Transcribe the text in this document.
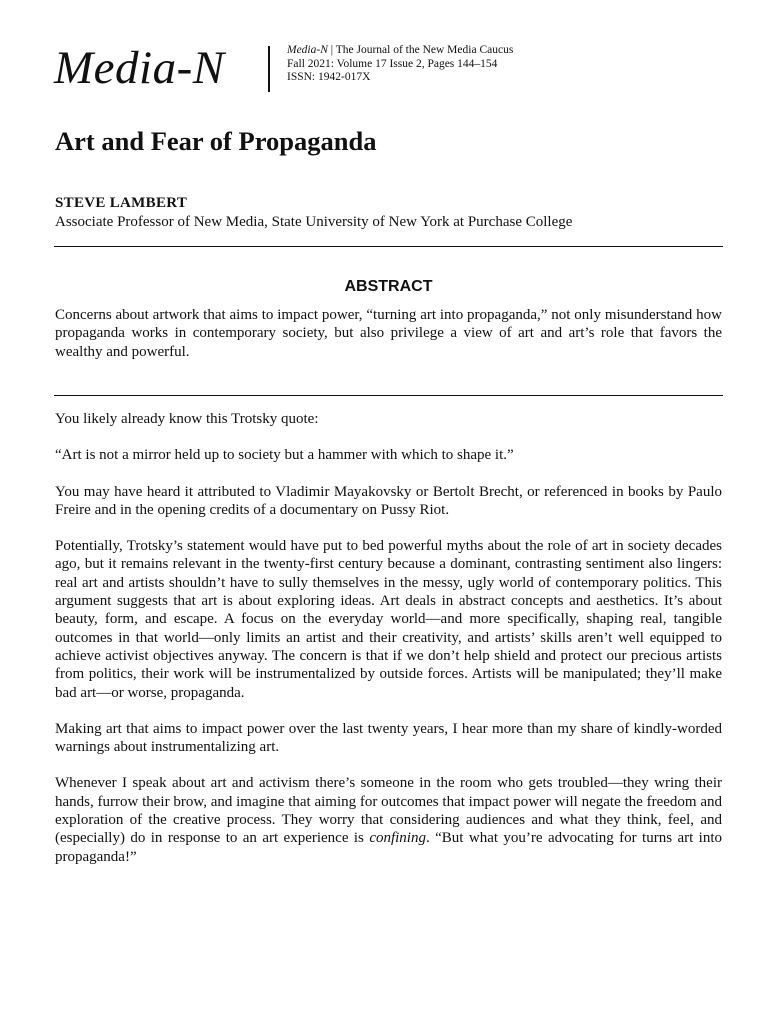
Media-N	Media-N | The Journal of the New Media Caucus
Fall 2021: Volume 17 Issue 2, Pages 144–154
ISSN: 1942-017X
Art and Fear of Propaganda
STEVE LAMBERT
Associate Professor of New Media, State University of New York at Purchase College
ABSTRACT

Concerns about artwork that aims to impact power, “turning art into propaganda,” not only misunderstand how propaganda works in contemporary society, but also privilege a view of art and art’s role that favors the wealthy and powerful.

You likely already know this Trotsky quote:

“Art is not a mirror held up to society but a hammer with which to shape it.”

You may have heard it attributed to Vladimir Mayakovsky or Bertolt Brecht, or referenced in books by Paulo Freire and in the opening credits of a documentary on Pussy Riot.

Potentially, Trotsky’s statement would have put to bed powerful myths about the role of art in society decades ago, but it remains relevant in the twenty-first century because a dominant, contrasting sentiment also lingers: real art and artists shouldn’t have to sully themselves in the messy, ugly world of contemporary politics. This argument suggests that art is about exploring ideas. Art deals in abstract concepts and aesthetics. It’s about beauty, form, and escape. A focus on the everyday world—and more specifically, shaping real, tangible outcomes in that world—only limits an artist and their creativity, and artists’ skills aren’t well equipped to achieve activist objectives anyway. The concern is that if we don’t help shield and protect our precious artists from politics, their work will be instrumentalized by outside forces. Artists will be manipulated; they’ll make bad art—or worse, propaganda.

Making art that aims to impact power over the last twenty years, I hear more than my share of kindly-worded warnings about instrumentalizing art.

Whenever I speak about art and activism there’s someone in the room who gets troubled—they wring their hands, furrow their brow, and imagine that aiming for outcomes that impact power will negate the freedom and exploration of the creative process. They worry that considering audiences and what they think, feel, and (especially) do in response to an art experience is confining. “But what you’re advocating for turns art into propaganda!”
